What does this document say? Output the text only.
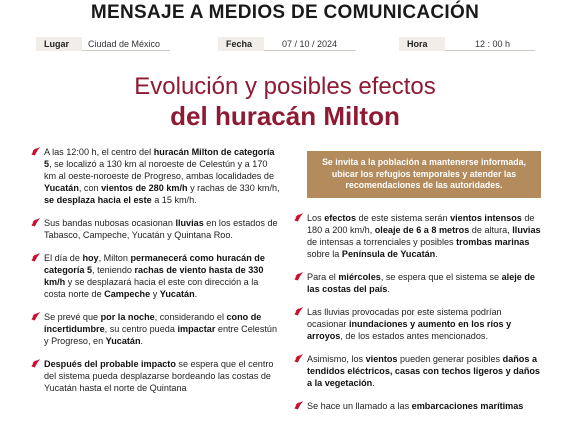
MENSAJE A MEDIOS DE COMUNICACIÓN
Lugar	Ciudad de México	Fecha	07 / 10 / 2024	Hora	12 : 00 h
Evolución y posibles efectos
del huracán Milton

A las 12:00 h, el centro del huracán Milton de categoría 5, se localizó a 130 km al noroeste de Celestún y a 170 km al oeste-noroeste de Progreso, ambas localidades de Yucatán, con vientos de 280 km/h y rachas de 330 km/h, se desplaza hacia el este a 15 km/h.

Sus bandas nubosas ocasionan lluvias en los estados de Tabasco, Campeche, Yucatán y Quintana Roo.

El día de hoy, Milton permanecerá como huracán de categoría 5, teniendo rachas de viento hasta de 330 km/h y se desplazará hacia el este con dirección a la costa norte de Campeche y Yucatán.

Se prevé que por la noche, considerando el cono de incertidumbre, su centro pueda impactar entre Celestún y Progreso, en Yucatán.

Después del probable impacto se espera que el centro del sistema pueda desplazarse bordeando las costas de Yucatán hasta el norte de Quintana

Se invita a la población a mantenerse informada, ubicar los refugios temporales y atender las recomendaciones de las autoridades.

Los efectos de este sistema serán vientos intensos de 180 a 200 km/h, oleaje de 6 a 8 metros de altura, lluvias de intensas a torrenciales y posibles trombas marinas sobre la Península de Yucatán.

Para el miércoles, se espera que el sistema se aleje de las costas del país.

Las lluvias provocadas por este sistema podrían ocasionar inundaciones y aumento en los ríos y arroyos, de los estados antes mencionados.

Asimismo, los vientos pueden generar posibles daños a tendidos eléctricos, casas con techos ligeros y daños a la vegetación.

Se hace un llamado a las embarcaciones marítimas
